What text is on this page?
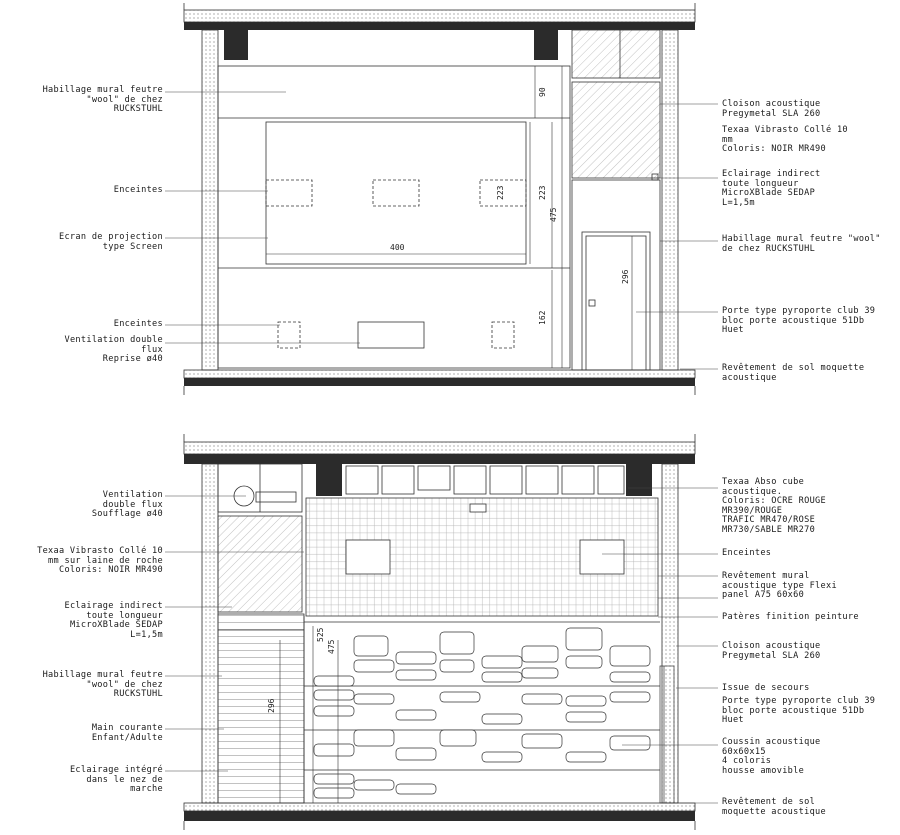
90
223	223
475
400
162
296
525
475
296
Habillage mural feutre
"wool" de chez
RUCKSTUHL
Enceintes
Ecran de projection
type Screen
Enceintes
Ventilation double
flux
Reprise ø40
Cloison acoustique
Pregymetal SLA 260
Texaa Vibrasto Collé 10
mm
Coloris: NOIR MR490
Eclairage indirect
toute longueur
MicroXBlade SEDAP
L=1,5m
Habillage mural feutre "wool"
de chez RUCKSTUHL
Porte type pyroporte club 39
bloc porte acoustique 51Db
Huet
Revêtement de sol moquette
acoustique
Ventilation
double flux
Soufflage ø40
Texaa Vibrasto Collé 10
mm sur laine de roche
Coloris: NOIR MR490
Eclairage indirect
toute longueur
MicroXBlade SEDAP
L=1,5m
Habillage mural feutre
"wool" de chez
RUCKSTUHL
Main courante
Enfant/Adulte
Eclairage intégré
dans le nez de
marche
Texaa Abso cube
acoustique.
Coloris: OCRE ROUGE
MR390/ROUGE
TRAFIC MR470/ROSE
MR730/SABLE MR270
Enceintes
Revêtement mural
acoustique type Flexi
panel A75 60x60
Patères finition peinture
Cloison acoustique
Pregymetal SLA 260
Issue de secours
Porte type pyroporte club 39
bloc porte acoustique 51Db
Huet
Coussin acoustique
60x60x15
4 coloris
housse amovible
Revêtement de sol
moquette acoustique
